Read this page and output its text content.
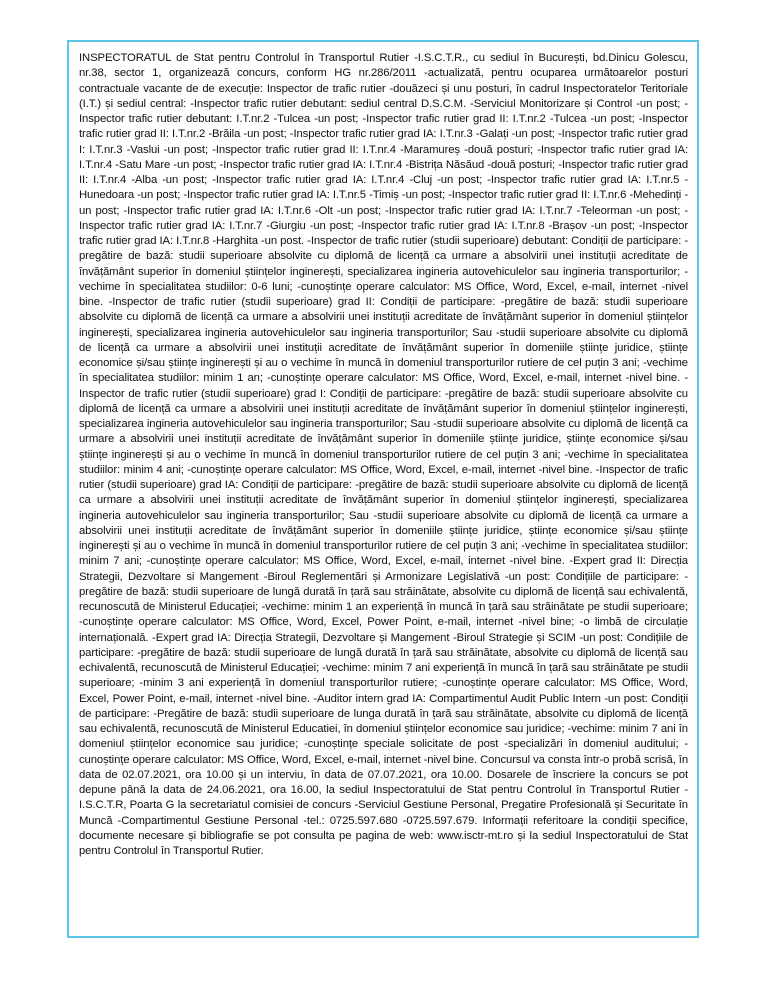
INSPECTORATUL de Stat pentru Controlul în Transportul Rutier -I.S.C.T.R., cu sediul în București, bd.Dinicu Golescu, nr.38, sector 1, organizează concurs, conform HG nr.286/2011 -actualizată, pentru ocuparea următoarelor posturi contractuale vacante de de execuție: Inspector de trafic rutier -douăzeci și unu posturi, în cadrul Inspectoratelor Teritoriale (I.T.) și sediul central: -Inspector trafic rutier debutant: sediul central D.S.C.M. -Serviciul Monitorizare și Control -un post; -Inspector trafic rutier debutant: I.T.nr.2 -Tulcea -un post; -Inspector trafic rutier grad II: I.T.nr.2 -Tulcea -un post; -Inspector trafic rutier grad II: I.T.nr.2 -Brăila -un post; -Inspector trafic rutier grad IA: I.T.nr.3 -Galați -un post; -Inspector trafic rutier grad I: I.T.nr.3 -Vaslui -un post; -Inspector trafic rutier grad II: I.T.nr.4 -Maramureș -două posturi; -Inspector trafic rutier grad IA: I.T.nr.4 -Satu Mare -un post; -Inspector trafic rutier grad IA: I.T.nr.4 -Bistrița Năsăud -două posturi; -Inspector trafic rutier grad II: I.T.nr.4 -Alba -un post; -Inspector trafic rutier grad IA: I.T.nr.4 -Cluj -un post; -Inspector trafic rutier grad IA: I.T.nr.5 -Hunedoara -un post; -Inspector trafic rutier grad IA: I.T.nr.5 -Timiș -un post; -Inspector trafic rutier grad II: I.T.nr.6 -Mehedinți -un post; -Inspector trafic rutier grad IA: I.T.nr.6 -Olt -un post; -Inspector trafic rutier grad IA: I.T.nr.7 -Teleorman -un post; -Inspector trafic rutier grad IA: I.T.nr.7 -Giurgiu -un post; -Inspector trafic rutier grad IA: I.T.nr.8 -Brașov -un post; -Inspector trafic rutier grad IA: I.T.nr.8 -Harghita -un post. -Inspector de trafic rutier (studii superioare) debutant: Condiții de participare: -pregătire de bază: studii superioare absolvite cu diplomă de licență ca urmare a absolvirii unei instituții acreditate de învățământ superior în domeniul științelor inginerești, specializarea ingineria autovehiculelor sau ingineria transporturilor; -vechime în specialitatea studiilor: 0-6 luni; -cunoștințe operare calculator: MS Office, Word, Excel, e-mail, internet -nivel bine. -Inspector de trafic rutier (studii superioare) grad II: Condiții de participare: -pregătire de bază: studii superioare absolvite cu diplomă de licență ca urmare a absolvirii unei instituții acreditate de învățământ superior în domeniul științelor inginerești, specializarea ingineria autovehiculelor sau ingineria transporturilor; Sau -studii superioare absolvite cu diplomă de licență ca urmare a absolvirii unei instituții acreditate de învățământ superior în domeniile științe juridice, științe economice și/sau științe inginerești și au o vechime în muncă în domeniul transporturilor rutiere de cel puțin 3 ani; -vechime în specialitatea studiilor: minim 1 an; -cunoștințe operare calculator: MS Office, Word, Excel, e-mail, internet -nivel bine. -Inspector de trafic rutier (studii superioare) grad I: Condiții de participare: -pregătire de bază: studii superioare absolvite cu diplomă de licență ca urmare a absolvirii unei instituții acreditate de învățământ superior în domeniul științelor inginerești, specializarea ingineria autovehiculelor sau ingineria transporturilor; Sau -studii superioare absolvite cu diplomă de licență ca urmare a absolvirii unei instituții acreditate de învățământ superior în domeniile științe juridice, științe economice și/sau științe inginerești și au o vechime în muncă în domeniul transporturilor rutiere de cel puțin 3 ani; -vechime în specialitatea studiilor: minim 4 ani; -cunoștințe operare calculator: MS Office, Word, Excel, e-mail, internet -nivel bine. -Inspector de trafic rutier (studii superioare) grad IA: Condiții de participare: -pregătire de bază: studii superioare absolvite cu diplomă de licență ca urmare a absolvirii unei instituții acreditate de învățământ superior în domeniul științelor inginerești, specializarea ingineria autovehiculelor sau ingineria transporturilor; Sau -studii superioare absolvite cu diplomă de licență ca urmare a absolvirii unei instituții acreditate de învățământ superior în domeniile științe juridice, științe economice și/sau științe inginerești și au o vechime în muncă în domeniul transporturilor rutiere de cel puțin 3 ani; -vechime în specialitatea studiilor: minim 7 ani; -cunoștințe operare calculator: MS Office, Word, Excel, e-mail, internet -nivel bine. -Expert grad II: Direcția Strategii, Dezvoltare si Mangement -Biroul Reglementări și Armonizare Legislativă -un post: Condițiile de participare: -pregătire de bază: studii superioare de lungă durată în țară sau străinătate, absolvite cu diplomă de licență sau echivalentă, recunoscută de Ministerul Educației; -vechime: minim 1 an experiență în muncă în țară sau străinătate pe studii superioare; -cunoștințe operare calculator: MS Office, Word, Excel, Power Point, e-mail, internet -nivel bine; -o limbă de circulație internațională. -Expert grad IA: Direcția Strategii, Dezvoltare și Mangement -Biroul Strategie și SCIM -un post: Condițiile de participare: -pregătire de bază: studii superioare de lungă durată în țară sau străinătate, absolvite cu diplomă de licență sau echivalentă, recunoscută de Ministerul Educației; -vechime: minim 7 ani experiență în muncă în țară sau străinătate pe studii superioare; -minim 3 ani experiență în domeniul transporturilor rutiere; -cunoștințe operare calculator: MS Office, Word, Excel, Power Point, e-mail, internet -nivel bine. -Auditor intern grad IA: Compartimentul Audit Public Intern -un post: Condiții de participare: -Pregătire de bază: studii superioare de lunga durată în țară sau străinătate, absolvite cu diplomă de licență sau echivalentă, recunoscută de Ministerul Educatiei, în domeniul științelor economice sau juridice; -vechime: minim 7 ani în domeniul științelor economice sau juridice; -cunoștințe speciale solicitate de post -specializări în domeniul auditului; -cunoștințe operare calculator: MS Office, Word, Excel, e-mail, internet -nivel bine. Concursul va consta într-o probă scrisă, în data de 02.07.2021, ora 10.00 și un interviu, în data de 07.07.2021, ora 10.00. Dosarele de înscriere la concurs se pot depune până la data de 24.06.2021, ora 16.00, la sediul Inspectoratului de Stat pentru Controlul în Transportul Rutier -I.S.C.T.R, Poarta G la secretariatul comisiei de concurs -Serviciul Gestiune Personal, Pregatire Profesională și Securitate în Muncă -Compartimentul Gestiune Personal -tel.: 0725.597.680 -0725.597.679. Informații referitoare la condiții specifice, documente necesare și bibliografie se pot consulta pe pagina de web: www.isctr-mt.ro și la sediul Inspectoratului de Stat pentru Controlul în Transportul Rutier.
